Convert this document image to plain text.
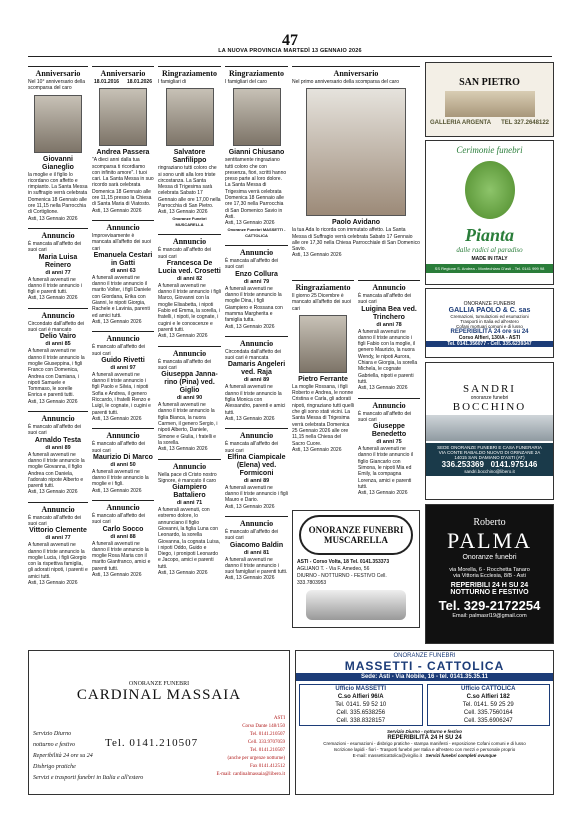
47
LA NUOVA PROVINCIA MARTEDÌ 13 GENNAIO 2026
Anniversario
Nel 10° anniversario della scomparsa del caro
Giovanni Gianeglio
la moglie e il figlio lo ricordano con affetto e rimpianto. La Santa Messa in suffragio verrà celebrata Domenica 18 Gennaio alle ore 11,15 nella Parrocchia di Cortiglione.
Asti, 13 Gennaio 2026
Annuncio
È mancata all'affetto dei suoi cari
Maria Luisa Reinero
di anni 77
A funerali avvenuti ne danno il triste annuncio i figli e parenti tutti.
Asti, 13 Gennaio 2026
Annuncio
Circondato dall'affetto dei suoi cari è mancato
Delio Vairo
di anni 85
A funerali avvenuti ne danno il triste annuncio la moglie Giuseppina, i figli Franco con Domenica, Andrea con Damiana, i nipoti Samuele e Tommaso, le sorelle Enrica e parenti tutti.
Asti, 13 Gennaio 2026
Annuncio
È mancato all'affetto dei suoi cari
Arnaldo Testa
di anni 89
A funerali avvenuti ne danno il triste annuncio la moglie Giovanna, il figlio Andrea con Daniela, l'adorato nipote Alberto e parenti tutti.
Asti, 13 Gennaio 2026
Annuncio
È mancato all'affetto dei suoi cari
Vittorio Clemente
di anni 77
A funerali avvenuti ne danno il triste annuncio la moglie Lucia, i figli Giorgio con la rispettiva famiglia, gli adorati nipoti, i parenti e amici tutti.
Asti, 13 Gennaio 2026
Anniversario
18.01.2016 18.01.2026
Andrea Passera
"A dieci anni dalla tua scomparsa ti ricordiamo con infinito amore". I tuoi cari. La Santa Messa in suo ricordo sarà celebrata Domenica 18 Gennaio alle ore 11,15 presso la Chiesa di Santa Maria di Viatosto.
Asti, 13 Gennaio 2026
Annuncio
Improvvisamente è mancata all'affetto dei suoi cari
Emanuela Cestari in Gatti
di anni 63
A funerali avvenuti ne danno il triste annuncio il marito Volter, i figli Daniele con Giordana, Erika con Gianni, le nipoti Giorgia, Rachele e Lavinia, parenti ed amici tutti.
Asti, 13 Gennaio 2026
Annuncio
È mancato all'affetto dei suoi cari
Guido Rivetti
di anni 97
A funerali avvenuti ne danno il triste annuncio i figli Paolo e Silvia, i nipoti Sofia e Andrea, il genero Riccardo, i fratelli Renzo e Luigi, le cognate, i cugini e parenti tutti.
Asti, 13 Gennaio 2026
Annuncio
È mancato all'affetto dei suoi cari
Maurizio Di Marco
di anni 50
A funerali avvenuti ne danno il triste annuncio la moglie e i figli.
Asti, 13 Gennaio 2026
Annuncio
È mancato all'affetto dei suoi cari
Carlo Socco
di anni 88
A funerali avvenuti ne danno il triste annuncio la moglie Rosa Maria con il marito Gianfranco, amici e parenti tutti.
Asti, 13 Gennaio 2026
Ringraziamento
I famigliari di
Salvatore Sanfilippo
ringraziano tutti coloro che si sono uniti alla loro triste circostanza. La Santa Messa di Trigesima sarà celebrata Sabato 17 Gennaio alle ore 17,00 nella Parrocchia di San Pietro.
Asti, 13 Gennaio 2026
Onoranze Funebri MUSCARELLA
Annuncio
È mancato all'affetto dei suoi cari
Francesca De Lucia ved. Crosetti
di anni 82
A funerali avvenuti ne danno il triste annuncio i figli Marco, Giovanni con la moglie Elisabetta, i nipoti Fabio ed Emma, la sorella, i fratelli, i nipoti, le cognate, i cugini e le conoscenze e parenti tutti.
Asti, 13 Gennaio 2026
Annuncio
È mancata all'affetto dei suoi cari
Giuseppa Janna-rino (Pina) ved. Giglio
di anni 90
A funerali avvenuti ne danno il triste annuncio la figlia Bianca, la nuora Carmen, il genero Sergio, i nipoti Alberto, Daniele, Simone e Giulia, i fratelli e la sorella.
Asti, 13 Gennaio 2026
Annuncio
Nella pace di Cristo nostro Signore, è mancato il caro
Giampiero Battaliero
di anni 71
A funerali avvenuti, con estremo dolore, lo annunciano il figlio Giovanni, la figlia Luna con Leonardo, la sorella Giovanna, la cognata Luisa, i nipoti Oddo, Guido e Diego, i pronipoti Leonardo e Jacopo, amici e parenti tutti.
Asti, 13 Gennaio 2026
Ringraziamento
I famigliari del caro
Gianni Chiusano
sentitamente ringraziano tutti coloro che con presenza, fiori, scritti hanno preso parte al loro dolore. La Santa Messa di Trigesima verrà celebrata Domenica 18 Gennaio alle ore 17,30 nella Parrocchia di San Domenico Savio in Asti.
Asti, 13 Gennaio 2026
Onoranze Funebri MASSETTI - CATTOLICA
Annuncio
È mancata all'affetto dei suoi cari
Enzo Collura
di anni 79
A funerali avvenuti ne danno il triste annuncio la moglie Dina, i figli Giampiero e Rossana con mamma Margherita e famiglia tutta.
Asti, 13 Gennaio 2026
Annuncio
Circondata dall'affetto dei suoi cari è mancata
Damaris Angeleri ved. Raja
di anni 89
A funerali avvenuti ne danno il triste annuncio la figlia Monica con Alessandro, parenti e amici tutti.
Asti, 13 Gennaio 2026
Annuncio
È mancata all'affetto dei suoi cari
Elfina Ciampicale (Elena) ved. Formiconi
di anni 89
A funerali avvenuti ne danno il triste annuncio i figli Mauro e Dario.
Asti, 13 Gennaio 2026
Annuncio
È mancato all'affetto dei suoi cari
Giacomo Baldin
di anni 81
A funerali avvenuti ne danno il triste annuncio i suoi famigliari e parenti tutti.
Asti, 13 Gennaio 2026
Anniversario
Nel primo anniversario della scomparsa del caro
Paolo Avidano
la tua Ada lo ricorda con immutato affetto. La Santa Messa di Suffragio verrà celebrata Sabato 17 Gennaio alle ore 17,30 nella Chiesa Parrocchiale di San Domenico Savio.
Asti, 13 Gennaio 2026
Ringraziamento
Il giorno 25 Dicembre è mancato all'affetto dei suoi cari
Pietro Ferrante
La moglie Rossana, i figli Roberto e Andrea, le nonne Cristina e Carla, gli adorati nipoti, ringraziano tutti quelli che gli sono stati vicini. La Santa Messa di Trigesima verrà celebrata Domenica 25 Gennaio 2026 alle ore 11,15 nella Chiesa del Sacro Cuore.
Asti, 13 Gennaio 2026
Annuncio
È mancata all'affetto dei suoi cari
Luigina Bea ved. Trinchero
di anni 78
A funerali avvenuti ne danno il triste annuncio i figli Fabio con la moglie, il genero Maurizio, la nuora Wendy, le nipoti Aurora, Chiara e Giorgia, la sorella Michela, le cognate Gabriella, nipoti e parenti tutti.
Asti, 13 Gennaio 2026
Annuncio
È mancato all'affetto dei suoi cari
Giuseppe Benedetto
di anni 75
A funerali avvenuti ne danno il triste annuncio il figlio Giancarlo con Simona, le nipoti Mia ed Emily, la compagna Lorenza, amici e parenti tutti.
Asti, 13 Gennaio 2026
ONORANZE FUNEBRI MUSCARELLA
ASTI - Corso Volta, 18 Tel. 0141.353373
AGLIANO T. - Via F. Amedeo, 56
DIURNO - NOTTURNO - FESTIVO Cell. 333.7803953
SAN PIETRO
GALLERIA ARGENTA TEL 327.2648122
Cerimonie funebri
Pianta
dalle radici al paradiso
MADE IN ITALY
SS Regione S. Andrea - Montechiaro D'asti - Tel. 0141 999 98
ONORANZE FUNEBRI
GALLIA PAOLO & C. sas
Cremazioni, tumulazioni ed esumazioni
Trasporti in Italia ed all'estero
Cofani mortuari comuni e di lusso
REPERIBILITÀ 24 ore su 24
Corso Alfieri, 130/A - ASTI
Tel. 0141.356077 - Cell. 335.6239347
SANDRI
onoranze funebri
BOCCHINO
SEDE ONORANZE FUNEBRI E CASA FUNERARIA
VIA CONTE RABALDO NUOVO DI GRINZANE 2A
14015 SAN DAMIANO D'ASTI (AT)
336.253369 0141.975146
sandri.bocchino@libero.it
Roberto
PALMA
Onoranze funebri
via Morella, 6 - Rocchetta Tanaro
via Vittoria Ecclesia, 8/B - Asti
REPERIBILI 24 H SU 24
NOTTURNO E FESTIVO
Tel. 329-2172254
Email: palmasrl19@gmail.com
ONORANZE FUNEBRI
CARDINAL MASSAIA
Servizio Diurno
notturno e festivo
Reperibilità 24 ore su 24
Disbrigo pratiche
Servizi e trasporti funebri in Italia e all'estero
Tel. 0141.210507
ASTI
Corso Dante 148/150
Tel. 0141.210507
Cell. 333.9707059
Tel. 0141.210507
(anche per urgenze notturne)
Fax 0141.412512
E-mail: cardinalmassaia@libero.it
ONORANZE FUNEBRI
MASSETTI - CATTOLICA
Sede: Asti - Via Nobile, 16 - tel. 0141.35.35.11
Ufficio MASSETTI
C.so Alfieri 96/A
Tel. 0141. 59 52 10
Cell. 335.6538256
Cell. 338.8328157
Ufficio CATTOLICA
C.so Alfieri 182
Tel. 0141. 59 25 29
Cell. 335.7560164
Cell. 335.6906247
Servizio Diurno - notturno e festivo
REPERIBILITÀ 24 H SU 24
Cremazioni - esumazioni - disbrigo pratiche - stampa manifesti - esposizione Cofani comuni e di lusso
Iscrizione lapidi - fiori - Trasporti funebri per Italia e all'estero con mezzi e personale proprio
E-mail: massetticattolica@virgilio.it Servizi funebri completi ovunque
